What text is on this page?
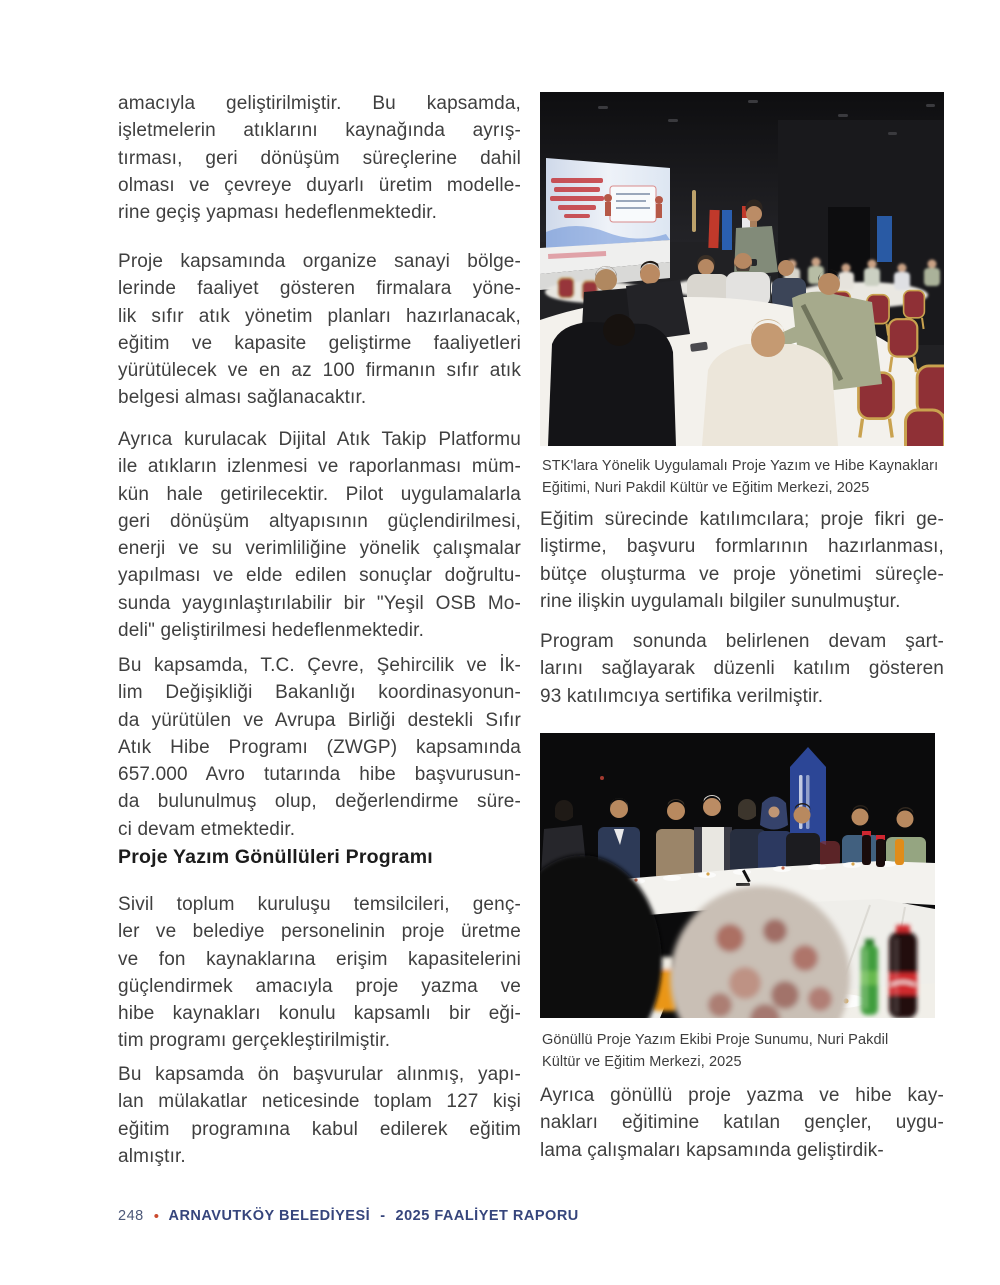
amacıyla geliştirilmiştir. Bu kapsamda,
işletmelerin atıklarını kaynağında ayrış-
tırması, geri dönüşüm süreçlerine dahil
olması ve çevreye duyarlı üretim modelle-
rine geçiş yapması hedeflenmektedir.
Proje kapsamında organize sanayi bölge-
lerinde faaliyet gösteren firmalara yöne-
lik sıfır atık yönetim planları hazırlanacak,
eğitim ve kapasite geliştirme faaliyetleri
yürütülecek ve en az 100 firmanın sıfır atık
belgesi alması sağlanacaktır.
Ayrıca kurulacak Dijital Atık Takip Platformu
ile atıkların izlenmesi ve raporlanması müm-
kün hale getirilecektir. Pilot uygulamalarla
geri dönüşüm altyapısının güçlendirilmesi,
enerji ve su verimliliğine yönelik çalışmalar
yapılması ve elde edilen sonuçlar doğrultu-
sunda yaygınlaştırılabilir bir "Yeşil OSB Mo-
deli" geliştirilmesi hedeflenmektedir.
Bu kapsamda, T.C. Çevre, Şehircilik ve İk-
lim Değişikliği Bakanlığı koordinasyonun-
da yürütülen ve Avrupa Birliği destekli Sıfır
Atık Hibe Programı (ZWGP) kapsamında
657.000 Avro tutarında hibe başvurusun-
da bulunulmuş olup, değerlendirme süre-
ci devam etmektedir.
Proje Yazım Gönüllüleri Programı
Sivil toplum kuruluşu temsilcileri, genç-
ler ve belediye personelinin proje üretme
ve fon kaynaklarına erişim kapasitelerini
güçlendirmek amacıyla proje yazma ve
hibe kaynakları konulu kapsamlı bir eği-
tim programı gerçekleştirilmiştir.
Bu kapsamda ön başvurular alınmış, yapı-
lan mülakatlar neticesinde toplam 127 kişi
eğitim programına kabul edilerek eğitim
almıştır.
STK'lara Yönelik Uygulamalı Proje Yazım ve Hibe Kaynakları
Eğitimi, Nuri Pakdil Kültür ve Eğitim Merkezi, 2025
Eğitim sürecinde katılımcılara; proje fikri ge-
liştirme, başvuru formlarının hazırlanması,
bütçe oluşturma ve proje yönetimi süreçle-
rine ilişkin uygulamalı bilgiler sunulmuştur.
Program sonunda belirlenen devam şart-
larını sağlayarak düzenli katılım gösteren
93 katılımcıya sertifika verilmiştir.
Gönüllü Proje Yazım Ekibi Proje Sunumu, Nuri Pakdil
Kültür ve Eğitim Merkezi, 2025
Ayrıca gönüllü proje yazma ve hibe kay-
nakları eğitimine katılan gençler, uygu-
lama çalışmaları kapsamında geliştirdik-
248 • ARNAVUTKÖY BELEDİYESİ - 2025 FAALİYET RAPORU
